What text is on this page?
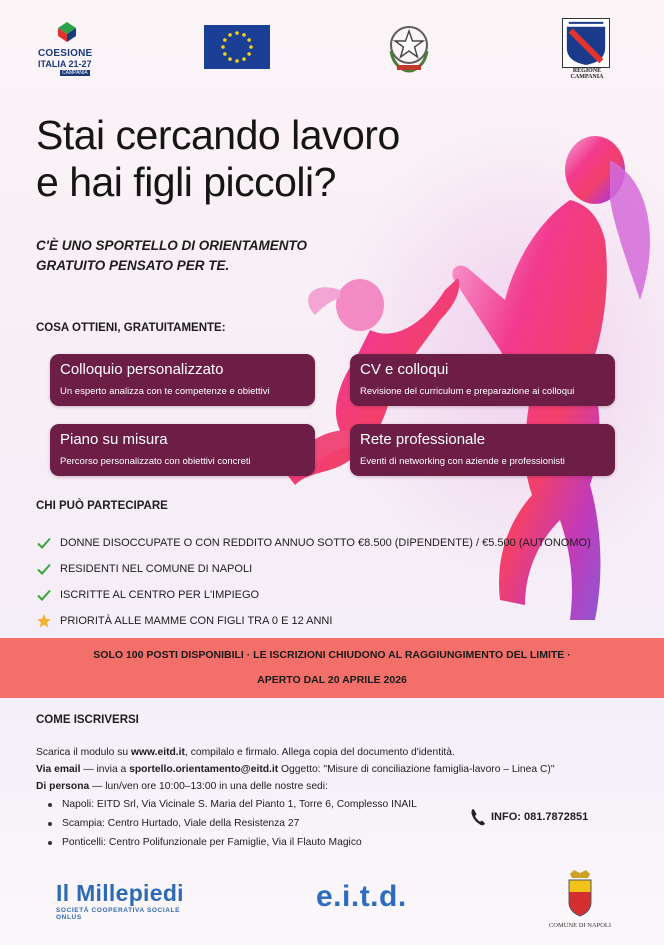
COESIONE
ITALIA 21-27
CAMPANIA	REGIONE CAMPANIA
Stai cercando lavoro
e hai figli piccoli?
C'È UNO SPORTELLO DI ORIENTAMENTO
GRATUITO PENSATO PER TE.
COSA OTTIENI, GRATUITAMENTE:
Colloquio personalizzato
Un esperto analizza con te competenze e obiettivi
CV e colloqui
Revisione del curriculum e preparazione ai colloqui
Piano su misura
Percorso personalizzato con obiettivi concreti
Rete professionale
Eventi di networking con aziende e professionisti
CHI PUÒ PARTECIPARE
DONNE DISOCCUPATE O CON REDDITO ANNUO SOTTO €8.500 (DIPENDENTE) / €5.500 (AUTONOMO)
RESIDENTI NEL COMUNE DI NAPOLI
ISCRITTE AL CENTRO PER L'IMPIEGO
PRIORITÀ ALLE MAMME CON FIGLI TRA 0 E 12 ANNI
SOLO 100 POSTI DISPONIBILI · LE ISCRIZIONI CHIUDONO AL RAGGIUNGIMENTO DEL LIMITE ·
APERTO DAL 20 APRILE 2026
COME ISCRIVERSI
Scarica il modulo su www.eitd.it, compilalo e firmalo. Allega copia del documento d'identità.
Via email — invia a sportello.orientamento@eitd.it Oggetto: "Misure di conciliazione famiglia-lavoro – Linea C)"
Di persona — lun/ven ore 10:00–13:00 in una delle nostre sedi:
Napoli: EITD Srl, Via Vicinale S. Maria del Pianto 1, Torre 6, Complesso INAIL
Scampia: Centro Hurtado, Viale della Resistenza 27
Ponticelli: Centro Polifunzionale per Famiglie, Via il Flauto Magico
INFO: 081.7872851
Il Millepiedi
SOCIETÀ COOPERATIVA SOCIALE ONLUS
e.i.t.d.
COMUNE DI NAPOLI
